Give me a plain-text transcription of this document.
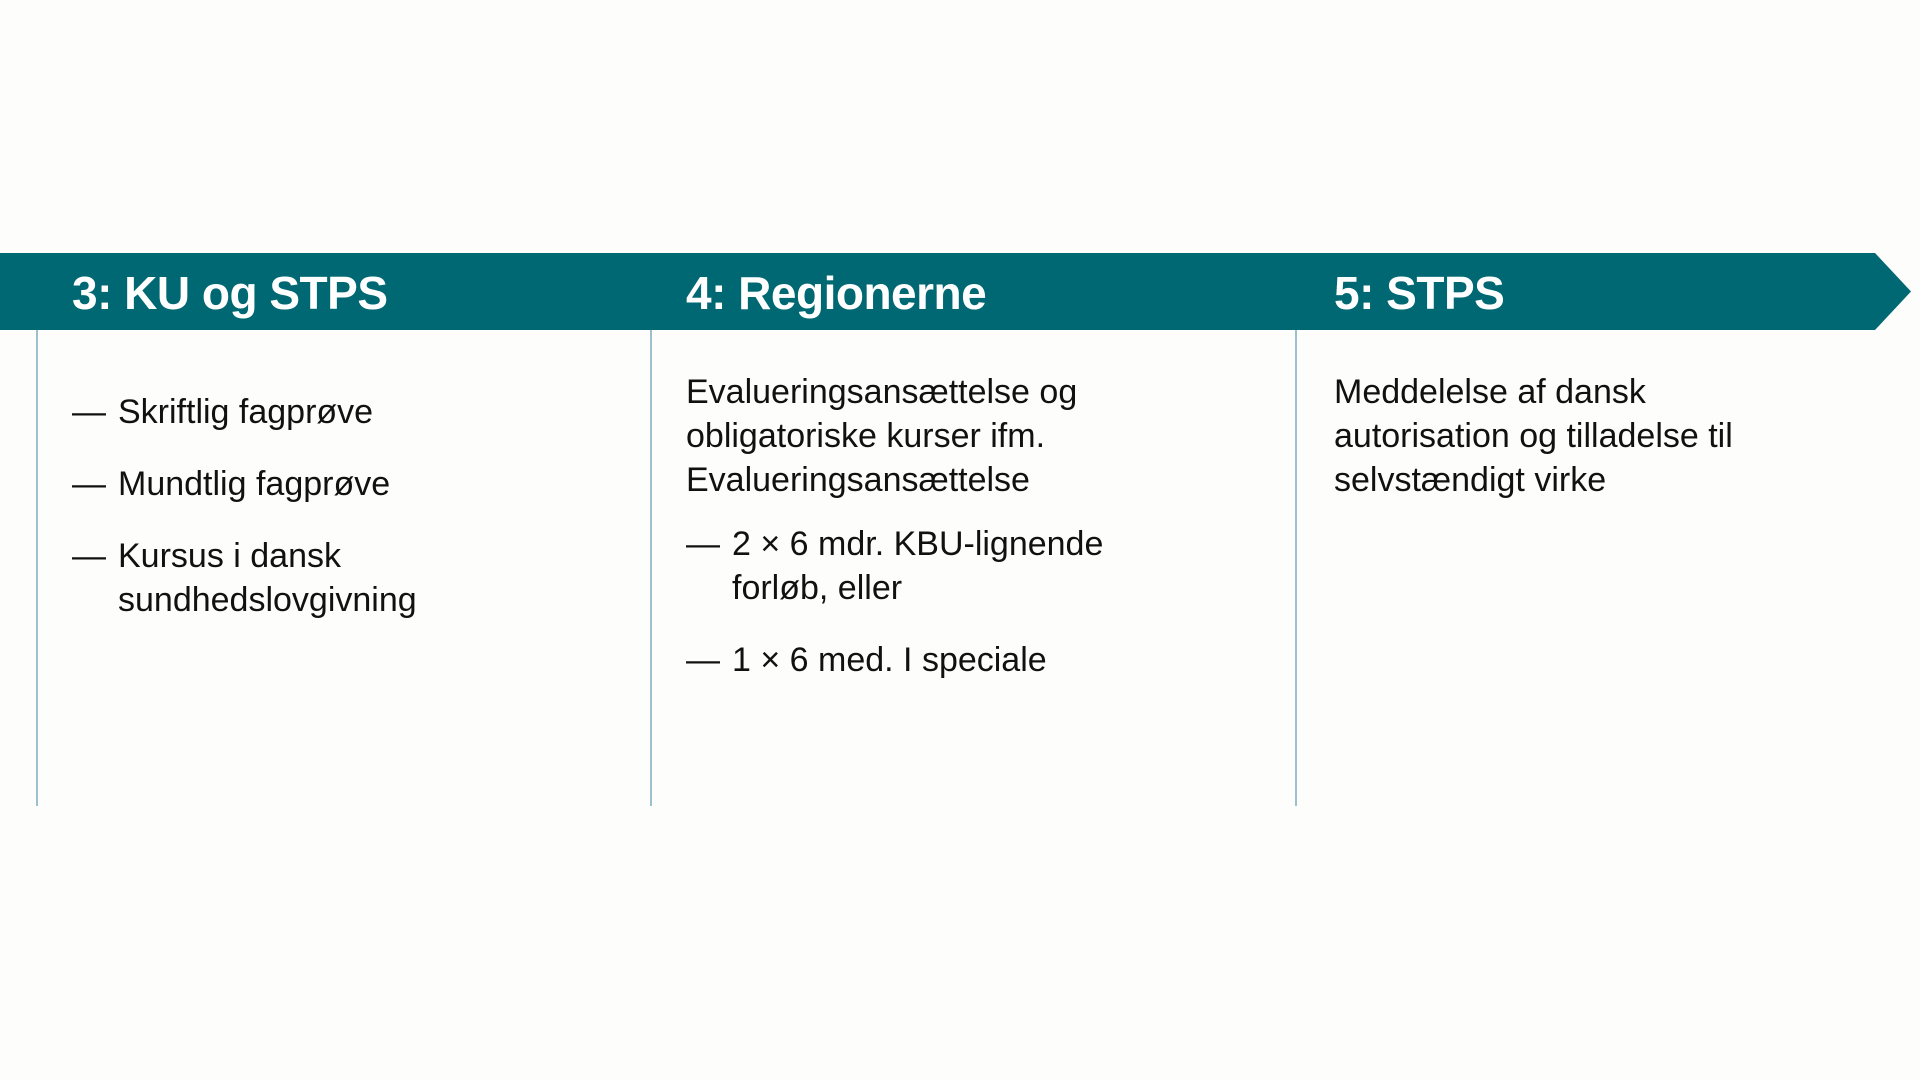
3: KU og STPS	4: Regionerne	5: STPS
— Skriftlig fagprøve
— Mundtlig fagprøve
— Kursus i dansk sundhedslovgivning

Evalueringsansættelse og obligatoriske kurser ifm. Evalueringsansættelse

— 2 × 6 mdr. KBU-lignende forløb, eller
— 1 × 6 med. I speciale

Meddelelse af dansk autorisation og tilladelse til selvstændigt virke
